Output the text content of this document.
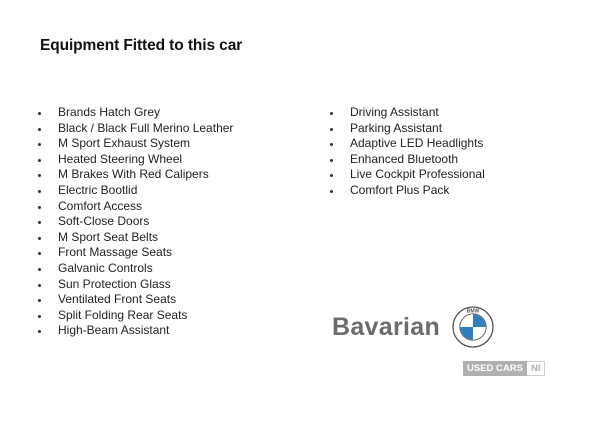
Equipment Fitted to this car
Brands Hatch Grey
Black / Black Full Merino Leather
M Sport Exhaust System
Heated Steering Wheel
M Brakes With Red Calipers
Electric Bootlid
Comfort Access
Soft-Close Doors
M Sport Seat Belts
Front Massage Seats
Galvanic Controls
Sun Protection Glass
Ventilated Front Seats
Split Folding Rear Seats
High-Beam Assistant
Driving Assistant
Parking Assistant
Adaptive LED Headlights
Enhanced Bluetooth
Live Cockpit Professional
Comfort Plus Pack
Bavarian
BMW
USED CARS NI
